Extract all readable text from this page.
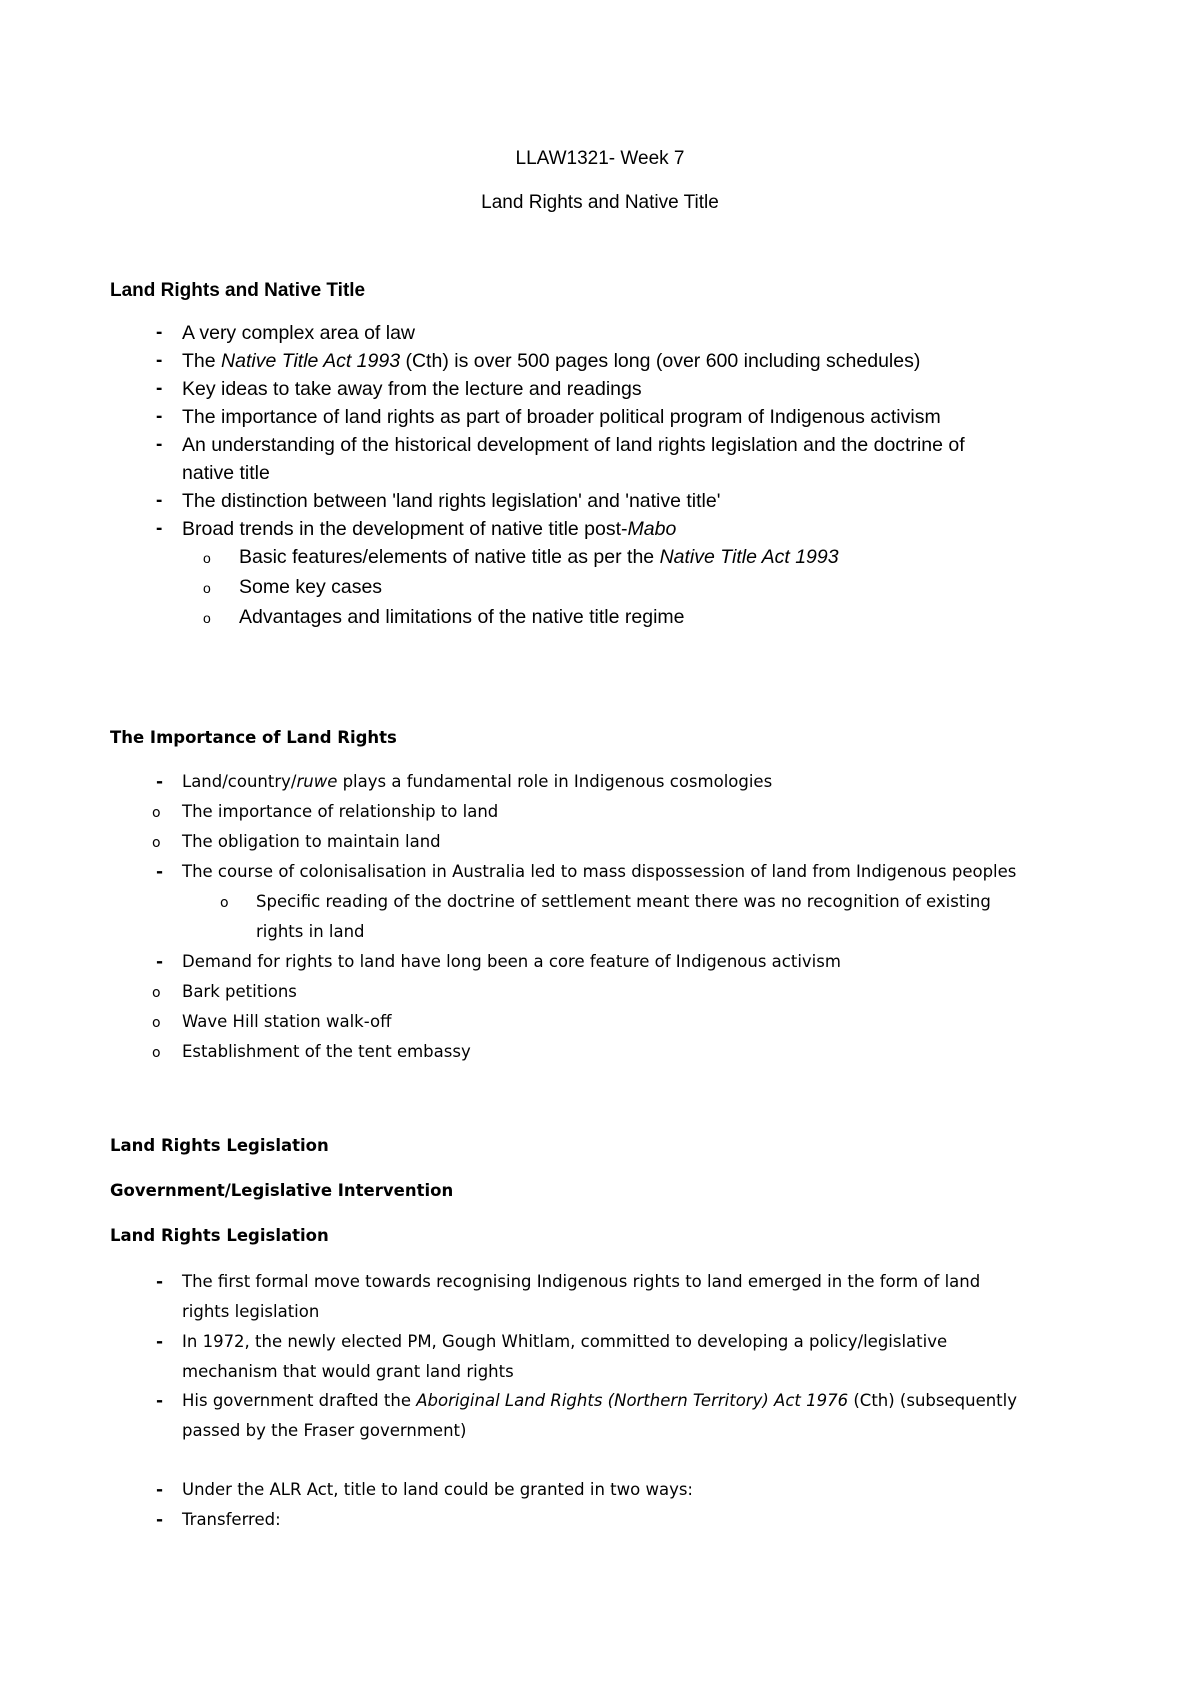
LLAW1321- Week 7
Land Rights and Native Title
Land Rights and Native Title
- A very complex area of law
- The Native Title Act 1993 (Cth) is over 500 pages long (over 600 including schedules)
- Key ideas to take away from the lecture and readings
- The importance of land rights as part of broader political program of Indigenous activism
- An understanding of the historical development of land rights legislation and the doctrine of
native title
- The distinction between 'land rights legislation' and 'native title'
- Broad trends in the development of native title post-Mabo
o Basic features/elements of native title as per the Native Title Act 1993
o Some key cases
o Advantages and limitations of the native title regime
The Importance of Land Rights
- Land/country/ruwe plays a fundamental role in Indigenous cosmologies
o The importance of relationship to land
o The obligation to maintain land
- The course of colonisalisation in Australia led to mass dispossession of land from Indigenous peoples
o Specific reading of the doctrine of settlement meant there was no recognition of existing
rights in land
- Demand for rights to land have long been a core feature of Indigenous activism
o Bark petitions
o Wave Hill station walk-off
o Establishment of the tent embassy
Land Rights Legislation
Government/Legislative Intervention
Land Rights Legislation
- The first formal move towards recognising Indigenous rights to land emerged in the form of land
rights legislation
- In 1972, the newly elected PM, Gough Whitlam, committed to developing a policy/legislative
mechanism that would grant land rights
- His government drafted the Aboriginal Land Rights (Northern Territory) Act 1976 (Cth) (subsequently
passed by the Fraser government)
- Under the ALR Act, title to land could be granted in two ways:
- Transferred:
